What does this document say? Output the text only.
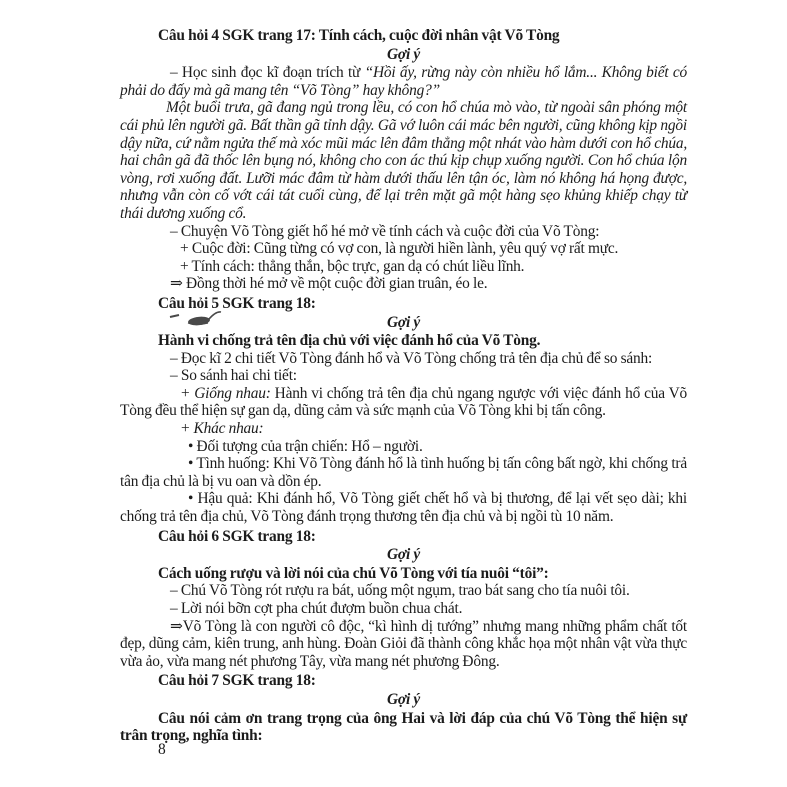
Câu hỏi 4 SGK trang 17: Tính cách, cuộc đời nhân vật Võ Tòng

Gợi ý

– Học sinh đọc kĩ đoạn trích từ “Hồi ấy, rừng này còn nhiều hổ lắm... Không biết có phải do đấy mà gã mang tên “Võ Tòng” hay không?”

Một buổi trưa, gã đang ngủ trong lều, có con hổ chúa mò vào, từ ngoài sân phóng một cái phủ lên người gã. Bất thần gã tỉnh dậy. Gã vớ luôn cái mác bên người, cũng không kịp ngồi dậy nữa, cứ nằm ngửa thế mà xóc mũi mác lên đâm thẳng một nhát vào hàm dưới con hổ chúa, hai chân gã đã thốc lên bụng nó, không cho con ác thú kịp chụp xuống người. Con hổ chúa lộn vòng, rơi xuống đất. Lưỡi mác đâm từ hàm dưới thấu lên tận óc, làm nó không há họng được, nhưng vẫn còn cố vớt cái tát cuối cùng, để lại trên mặt gã một hàng sẹo khủng khiếp chạy từ thái dương xuống cổ.

– Chuyện Võ Tòng giết hổ hé mở về tính cách và cuộc đời của Võ Tòng:

+ Cuộc đời: Cũng từng có vợ con, là người hiền lành, yêu quý vợ rất mực.

+ Tính cách: thẳng thắn, bộc trực, gan dạ có chút liều lĩnh.

⇒ Đồng thời hé mở về một cuộc đời gian truân, éo le.

Câu hỏi 5 SGK trang 18:

Gợi ý

Hành vi chống trả tên địa chủ với việc đánh hổ của Võ Tòng.

– Đọc kĩ 2 chi tiết Võ Tòng đánh hổ và Võ Tòng chống trả tên địa chủ để so sánh:

– So sánh hai chi tiết:

+ Giống nhau: Hành vi chống trả tên địa chủ ngang ngược với việc đánh hổ của Võ Tòng đều thể hiện sự gan dạ, dũng cảm và sức mạnh của Võ Tòng khi bị tấn công.

+ Khác nhau:

• Đối tượng của trận chiến: Hổ – người.

• Tình huống: Khi Võ Tòng đánh hổ là tình huống bị tấn công bất ngờ, khi chống trả tân địa chủ là bị vu oan và dồn ép.

• Hậu quả: Khi đánh hổ, Võ Tòng giết chết hổ và bị thương, để lại vết sẹo dài; khi chống trả tên địa chủ, Võ Tòng đánh trọng thương tên địa chủ và bị ngồi tù 10 năm.

Câu hỏi 6 SGK trang 18:

Gợi ý

Cách uống rượu và lời nói của chú Võ Tòng với tía nuôi “tôi”:

– Chú Võ Tòng rót rượu ra bát, uống một ngụm, trao bát sang cho tía nuôi tôi.

– Lời nói bỡn cợt pha chút đượm buồn chua chát.

⇒Võ Tòng là con người cô độc, “kì hình dị tướng” nhưng mang những phẩm chất tốt đẹp, dũng cảm, kiên trung, anh hùng. Đoàn Giỏi đã thành công khắc họa một nhân vật vừa thực vừa ảo, vừa mang nét phương Tây, vừa mang nét phương Đông.

Câu hỏi 7 SGK trang 18:

Gợi ý

Câu nói cảm ơn trang trọng của ông Hai và lời đáp của chú Võ Tòng thể hiện sự trân trọng, nghĩa tình:

8
